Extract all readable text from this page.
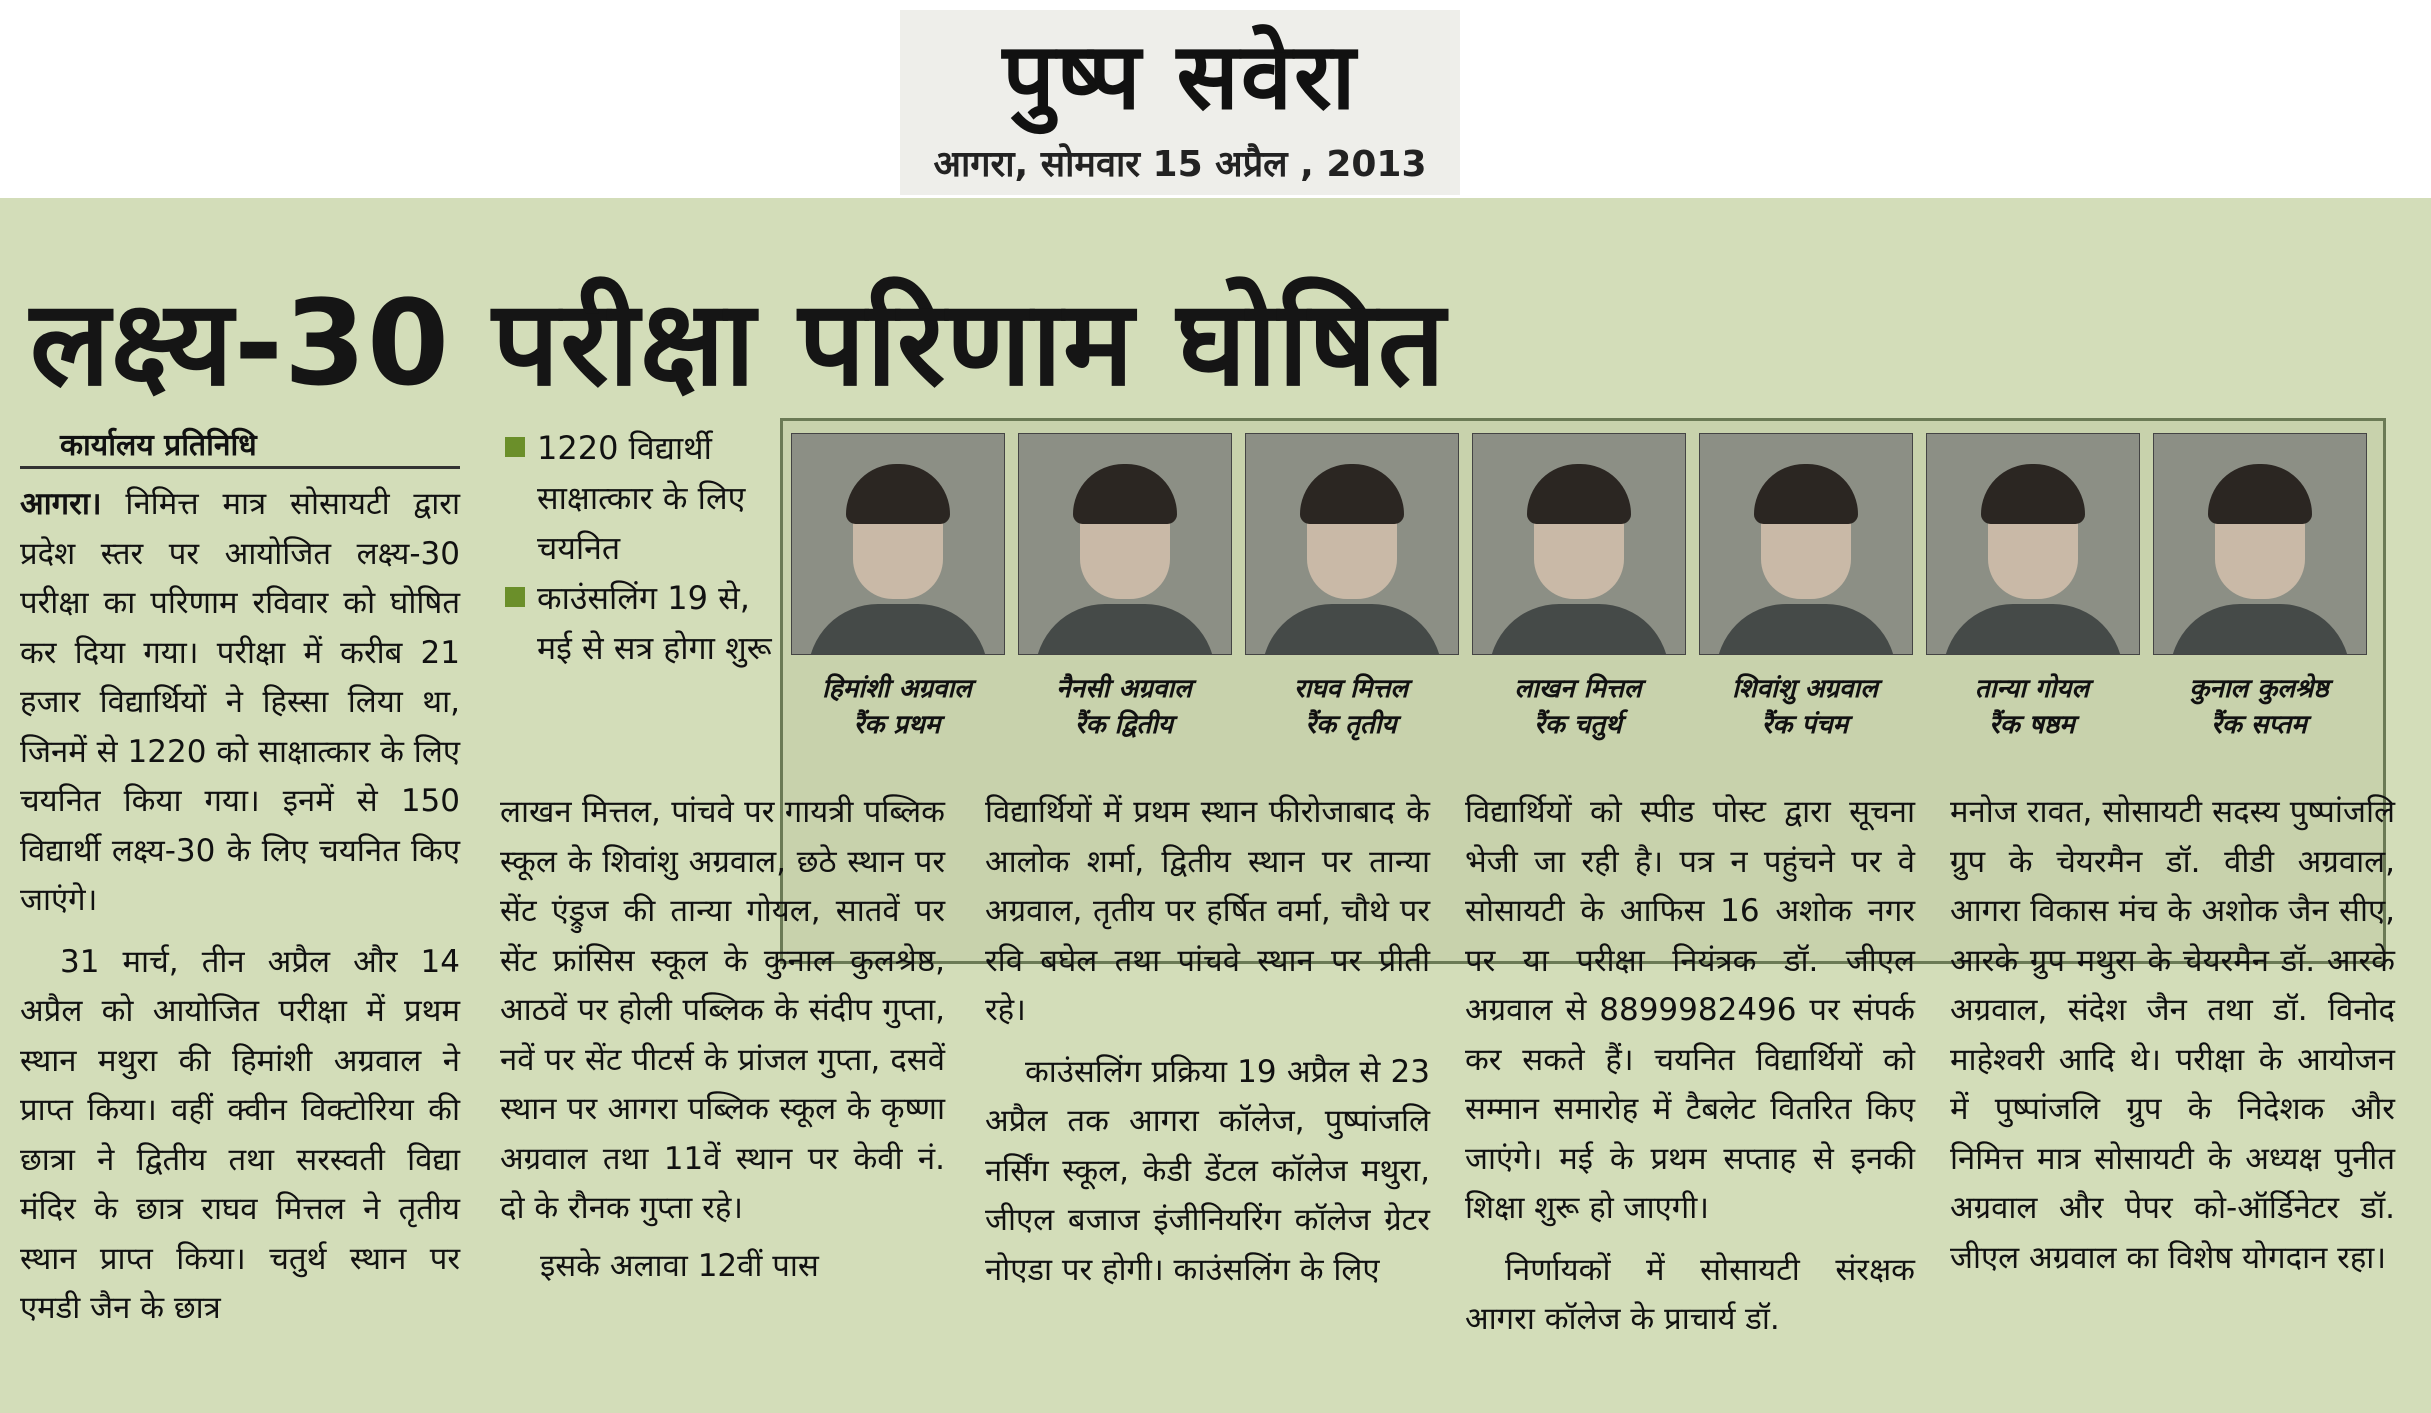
पुष्प सवेरा
आगरा, सोमवार 15 अप्रैल , 2013
लक्ष्य-30 परीक्षा परिणाम घोषित
कार्यालय प्रतिनिधि	1220 विद्यार्थी साक्षात्कार के लिए चयनित
काउंसलिंग 19 से, मई से सत्र होगा शुरू
हिमांशी अग्रवाल
रैंक प्रथम
नैनसी अग्रवाल
रैंक द्वितीय
राघव मित्तल
रैंक तृतीय
लाखन मित्तल
रैंक चतुर्थ
शिवांशु अग्रवाल
रैंक पंचम
तान्या गोयल
रैंक षष्ठम
कुनाल कुलश्रेष्ठ
रैंक सप्तम

आगरा। निमित्त मात्र सोसायटी द्वारा प्रदेश स्तर पर आयोजित लक्ष्य-30 परीक्षा का परिणाम रविवार को घोषित कर दिया गया। परीक्षा में करीब 21 हजार विद्यार्थियों ने हिस्सा लिया था, जिनमें से 1220 को साक्षात्कार के लिए चयनित किया गया। इनमें से 150 विद्यार्थी लक्ष्य-30 के लिए चयनित किए जाएंगे।

31 मार्च, तीन अप्रैल और 14 अप्रैल को आयोजित परीक्षा में प्रथम स्थान मथुरा की हिमांशी अग्रवाल ने प्राप्त किया। वहीं क्वीन विक्टोरिया की छात्रा ने द्वितीय तथा सरस्वती विद्या मंदिर के छात्र राघव मित्तल ने तृतीय स्थान प्राप्त किया। चतुर्थ स्थान पर एमडी जैन के छात्र

लाखन मित्तल, पांचवे पर गायत्री पब्लिक स्कूल के शिवांशु अग्रवाल, छठे स्थान पर सेंट एंड्रुज की तान्या गोयल, सातवें पर सेंट फ्रांसिस स्कूल के कुनाल कुलश्रेष्ठ, आठवें पर होली पब्लिक के संदीप गुप्ता, नवें पर सेंट पीटर्स के प्रांजल गुप्ता, दसवें स्थान पर आगरा पब्लिक स्कूल के कृष्णा अग्रवाल तथा 11वें स्थान पर केवी नं. दो के रौनक गुप्ता रहे।

इसके अलावा 12वीं पास

विद्यार्थियों में प्रथम स्थान फीरोजाबाद के आलोक शर्मा, द्वितीय स्थान पर तान्या अग्रवाल, तृतीय पर हर्षित वर्मा, चौथे पर रवि बघेल तथा पांचवे स्थान पर प्रीती रहे।

काउंसलिंग प्रक्रिया 19 अप्रैल से 23 अप्रैल तक आगरा कॉलेज, पुष्पांजलि नर्सिंग स्कूल, केडी डेंटल कॉलेज मथुरा, जीएल बजाज इंजीनियरिंग कॉलेज ग्रेटर नोएडा पर होगी। काउंसलिंग के लिए

विद्यार्थियों को स्पीड पोस्ट द्वारा सूचना भेजी जा रही है। पत्र न पहुंचने पर वे सोसायटी के आफिस 16 अशोक नगर पर या परीक्षा नियंत्रक डॉ. जीएल अग्रवाल से 8899982496 पर संपर्क कर सकते हैं। चयनित विद्यार्थियों को सम्मान समारोह में टैबलेट वितरित किए जाएंगे। मई के प्रथम सप्ताह से इनकी शिक्षा शुरू हो जाएगी।

निर्णायकों में सोसायटी संरक्षक आगरा कॉलेज के प्राचार्य डॉ.

मनोज रावत, सोसायटी सदस्य पुष्पांजलि ग्रुप के चेयरमैन डॉ. वीडी अग्रवाल, आगरा विकास मंच के अशोक जैन सीए, आरके ग्रुप मथुरा के चेयरमैन डॉ. आरके अग्रवाल, संदेश जैन तथा डॉ. विनोद माहेश्वरी आदि थे। परीक्षा के आयोजन में पुष्पांजलि ग्रुप के निदेशक और निमित्त मात्र सोसायटी के अध्यक्ष पुनीत अग्रवाल और पेपर को-ऑर्डिनेटर डॉ. जीएल अग्रवाल का विशेष योगदान रहा।
